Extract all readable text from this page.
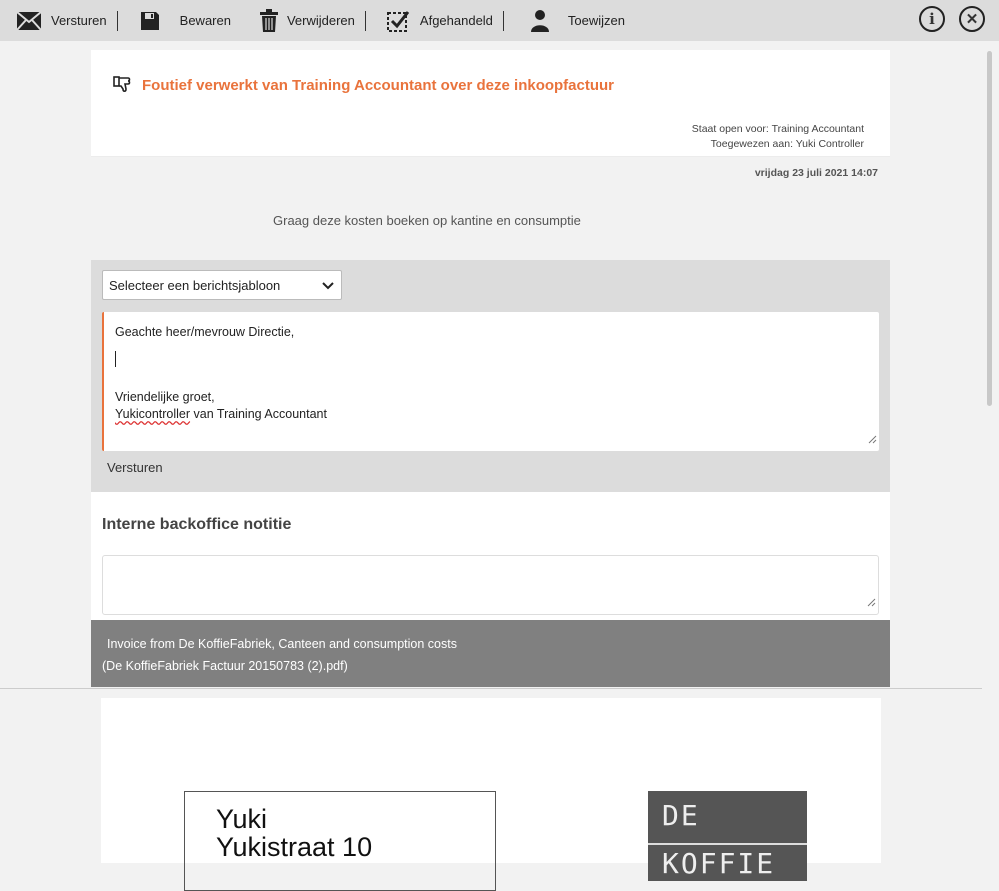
Versturen	Bewaren	Verwijderen	Afgehandeld	Toewijzen	i	✕
Foutief verwerkt van Training Accountant over deze inkoopfactuur
Staat open voor: Training Accountant
Toegewezen aan: Yuki Controller
vrijdag 23 juli 2021 14:07
Graag deze kosten boeken op kantine en consumptie
Selecteer een berichtsjabloon
Geachte heer/mevrouw Directie,
Vriendelijke groet,
Yukicontroller van Training Accountant
Versturen
Interne backoffice notitie
Invoice from De KoffieFabriek, Canteen and consumption costs
(De KoffieFabriek Factuur 20150783 (2).pdf)
Yuki
Yukistraat 10
DE
KOFFIE
